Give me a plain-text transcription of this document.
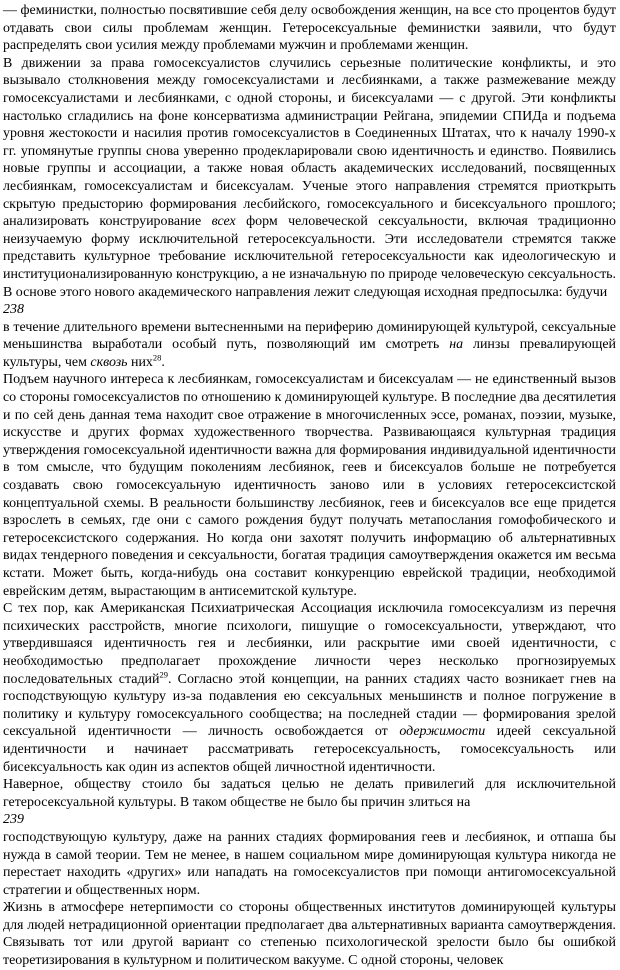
— феминистки, полностью посвятившие себя делу освобождения женщин, на все сто процентов будут отдавать свои силы проблемам женщин. Гетеросексуальные феминистки заявили, что будут распределять свои усилия между проблемами мужчин и проблемами женщин.

В движении за права гомосексуалистов случились серьезные политические конфликты, и это вызывало столкновения между гомосексуалистами и лесбиянками, а также размежевание между гомосексуалистами и лесбиянками, с одной стороны, и бисексуалами — с другой. Эти конфликты настолько сгладились на фоне консерватизма администрации Рейгана, эпидемии СПИДа и подъема уровня жестокости и насилия против гомосексуалистов в Соединенных Штатах, что к началу 1990-х гг. упомянутые группы снова уверенно продекларировали свою идентичность и единство. Появились новые группы и ассоциации, а также новая область академических исследований, посвященных лесбиянкам, гомосексуалистам и бисексуалам. Ученые этого направления стремятся приоткрыть скрытую предысторию формирования лесбийского, гомосексуального и бисексуального прошлого; анализировать конструирование всех форм человеческой сексуальности, включая традиционно неизучаемую форму исключительной гетеросексуальности. Эти исследователи стремятся также представить культурное требование исключительной гетеросексуальности как идеологическую и институционализированную конструкцию, а не изначальную по природе человеческую сексуальность. В основе этого нового академического направления лежит следующая исходная предпосылка: будучи

238

в течение длительного времени вытесненными на периферию доминирующей культурой, сексуальные меньшинства выработали особый путь, позволяющий им смотреть на линзы превалирующей культуры, чем сквозь них$^{28}$.

Подъем научного интереса к лесбиянкам, гомосексуалистам и бисексуалам — не единственный вызов со стороны гомосексуалистов по отношению к доминирующей культуре. В последние два десятилетия и по сей день данная тема находит свое отражение в многочисленных эссе, романах, поэзии, музыке, искусстве и других формах художественного творчества. Развивающаяся культурная традиция утверждения гомосексуальной идентичности важна для формирования индивидуальной идентичности в том смысле, что будущим поколениям лесбиянок, геев и бисексуалов больше не потребуется создавать свою гомосексуальную идентичность заново или в условиях гетеросексистской концептуальной схемы. В реальности большинству лесбиянок, геев и бисексуалов все еще придется взрослеть в семьях, где они с самого рождения будут получать метапослания гомофобического и гетеросексистского содержания. Но когда они захотят получить информацию об альтернативных видах тендерного поведения и сексуальности, богатая традиция самоутверждения окажется им весьма кстати. Может быть, когда-нибудь она составит конкуренцию еврейской традиции, необходимой еврейским детям, вырастающим в антисемитской культуре.

С тех пор, как Американская Психиатрическая Ассоциация исключила гомосексуализм из перечня психических расстройств, многие психологи, пишущие о гомосексуальности, утверждают, что утвердившаяся идентичность гея и лесбиянки, или раскрытие ими своей идентичности, с необходимостью предполагает прохождение личности через несколько прогнозируемых последовательных стадий$^{29}$. Согласно этой концепции, на ранних стадиях часто возникает гнев на господствующую культуру из-за подавления ею сексуальных меньшинств и полное погружение в политику и культуру гомосексуального сообщества; на последней стадии — формирования зрелой сексуальной идентичности — личность освобождается от одержимости идеей сексуальной идентичности и начинает рассматривать гетеросексуальность, гомосексуальность или бисексуальность как один из аспектов общей личностной идентичности.

Наверное, обществу стоило бы задаться целью не делать привилегий для исключительной гетеросексуальной культуры. В таком обществе не было бы причин злиться на

239

господствующую культуру, даже на ранних стадиях формирования геев и лесбиянок, и отпаша бы нужда в самой теории. Тем не менее, в нашем социальном мире доминирующая культура никогда не перестает находить «других» или нападать на гомосексуалистов при помощи антигомосексуальной стратегии и общественных норм.

Жизнь в атмосфере нетерпимости со стороны общественных институтов доминирующей культуры для людей нетрадиционной ориентации предполагает два альтернативных варианта самоутверждения. Связывать тот или другой вариант со степенью психологической зрелости было бы ошибкой теоретизирования в культурном и политическом вакууме. С одной стороны, человек
